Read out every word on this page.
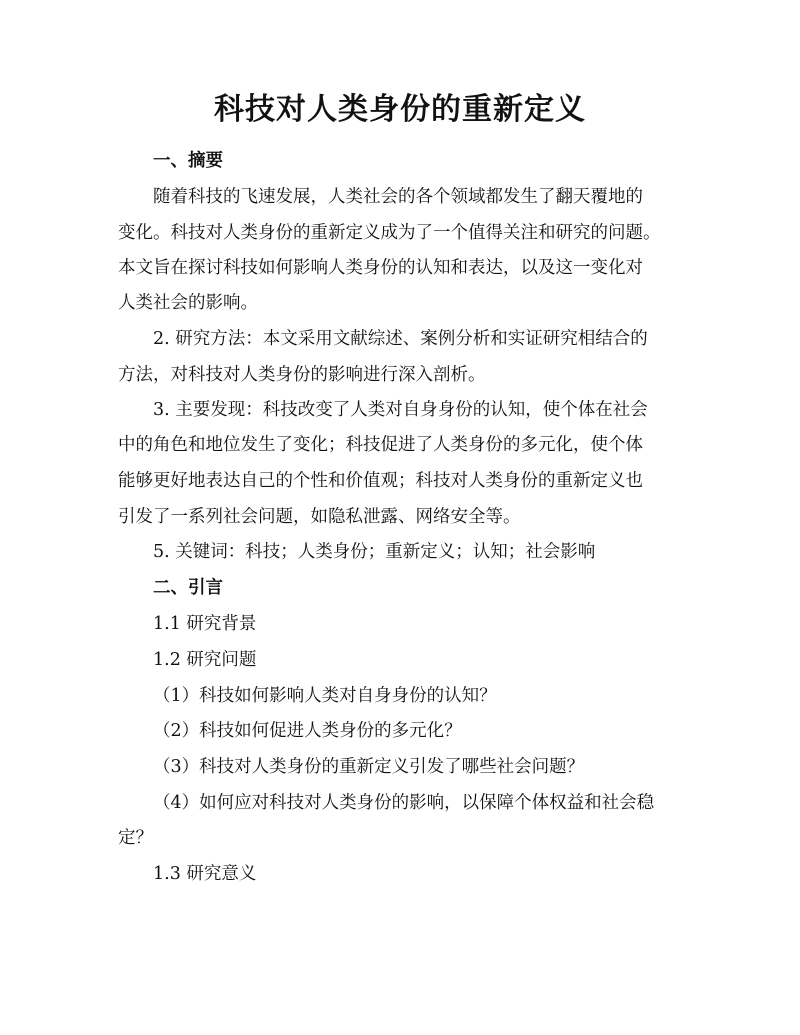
科技对人类身份的重新定义

一、摘要

随着科技的飞速发展，人类社会的各个领域都发生了翻天覆地的

变化。科技对人类身份的重新定义成为了一个值得关注和研究的问题。

本文旨在探讨科技如何影响人类身份的认知和表达，以及这一变化对

人类社会的影响。

2. 研究方法：本文采用文献综述、案例分析和实证研究相结合的

方法，对科技对人类身份的影响进行深入剖析。

3. 主要发现：科技改变了人类对自身身份的认知，使个体在社会

中的角色和地位发生了变化；科技促进了人类身份的多元化，使个体

能够更好地表达自己的个性和价值观；科技对人类身份的重新定义也

引发了一系列社会问题，如隐私泄露、网络安全等。

5. 关键词：科技；人类身份；重新定义；认知；社会影响

二、引言

1.1 研究背景

1.2 研究问题

（1）科技如何影响人类对自身身份的认知？

（2）科技如何促进人类身份的多元化？

（3）科技对人类身份的重新定义引发了哪些社会问题？

（4）如何应对科技对人类身份的影响，以保障个体权益和社会稳

定？

1.3 研究意义
